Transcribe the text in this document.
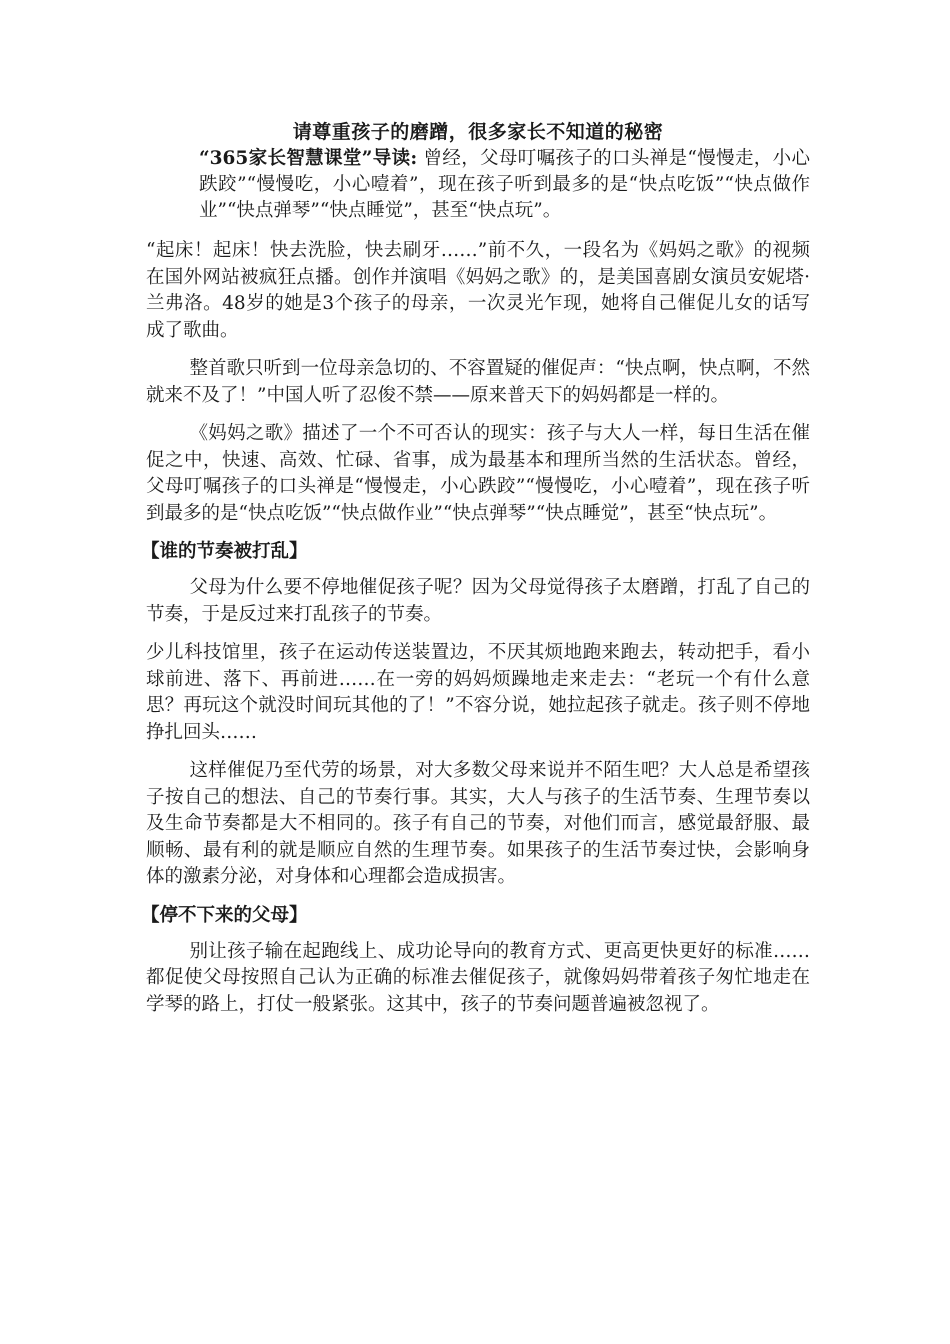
请尊重孩子的磨蹭，很多家长不知道的秘密

“365家长智慧课堂”导读: 曾经，父母叮嘱孩子的口头禅是“慢慢走，小心跌跤”“慢慢吃，小心噎着”，现在孩子听到最多的是“快点吃饭”“快点做作业”“快点弹琴”“快点睡觉”，甚至“快点玩”。

“起床！起床！快去洗脸，快去刷牙……”前不久，一段名为《妈妈之歌》的视频在国外网站被疯狂点播。创作并演唱《妈妈之歌》的，是美国喜剧女演员安妮塔·兰弗洛。48岁的她是3个孩子的母亲，一次灵光乍现，她将自己催促儿女的话写成了歌曲。

整首歌只听到一位母亲急切的、不容置疑的催促声：“快点啊，快点啊，不然就来不及了！”中国人听了忍俊不禁——原来普天下的妈妈都是一样的。

《妈妈之歌》描述了一个不可否认的现实：孩子与大人一样，每日生活在催促之中，快速、高效、忙碌、省事，成为最基本和理所当然的生活状态。曾经，父母叮嘱孩子的口头禅是“慢慢走，小心跌跤”“慢慢吃，小心噎着”，现在孩子听到最多的是“快点吃饭”“快点做作业”“快点弹琴”“快点睡觉”，甚至“快点玩”。

【谁的节奏被打乱】

父母为什么要不停地催促孩子呢？因为父母觉得孩子太磨蹭，打乱了自己的节奏，于是反过来打乱孩子的节奏。

少儿科技馆里，孩子在运动传送装置边，不厌其烦地跑来跑去，转动把手，看小球前进、落下、再前进……在一旁的妈妈烦躁地走来走去：“老玩一个有什么意思？再玩这个就没时间玩其他的了！”不容分说，她拉起孩子就走。孩子则不停地挣扎回头……

这样催促乃至代劳的场景，对大多数父母来说并不陌生吧？大人总是希望孩子按自己的想法、自己的节奏行事。其实，大人与孩子的生活节奏、生理节奏以及生命节奏都是大不相同的。孩子有自己的节奏，对他们而言，感觉最舒服、最顺畅、最有利的就是顺应自然的生理节奏。如果孩子的生活节奏过快，会影响身体的激素分泌，对身体和心理都会造成损害。

【停不下来的父母】

别让孩子输在起跑线上、成功论导向的教育方式、更高更快更好的标准……都促使父母按照自己认为正确的标准去催促孩子，就像妈妈带着孩子匆忙地走在学琴的路上，打仗一般紧张。这其中，孩子的节奏问题普遍被忽视了。
